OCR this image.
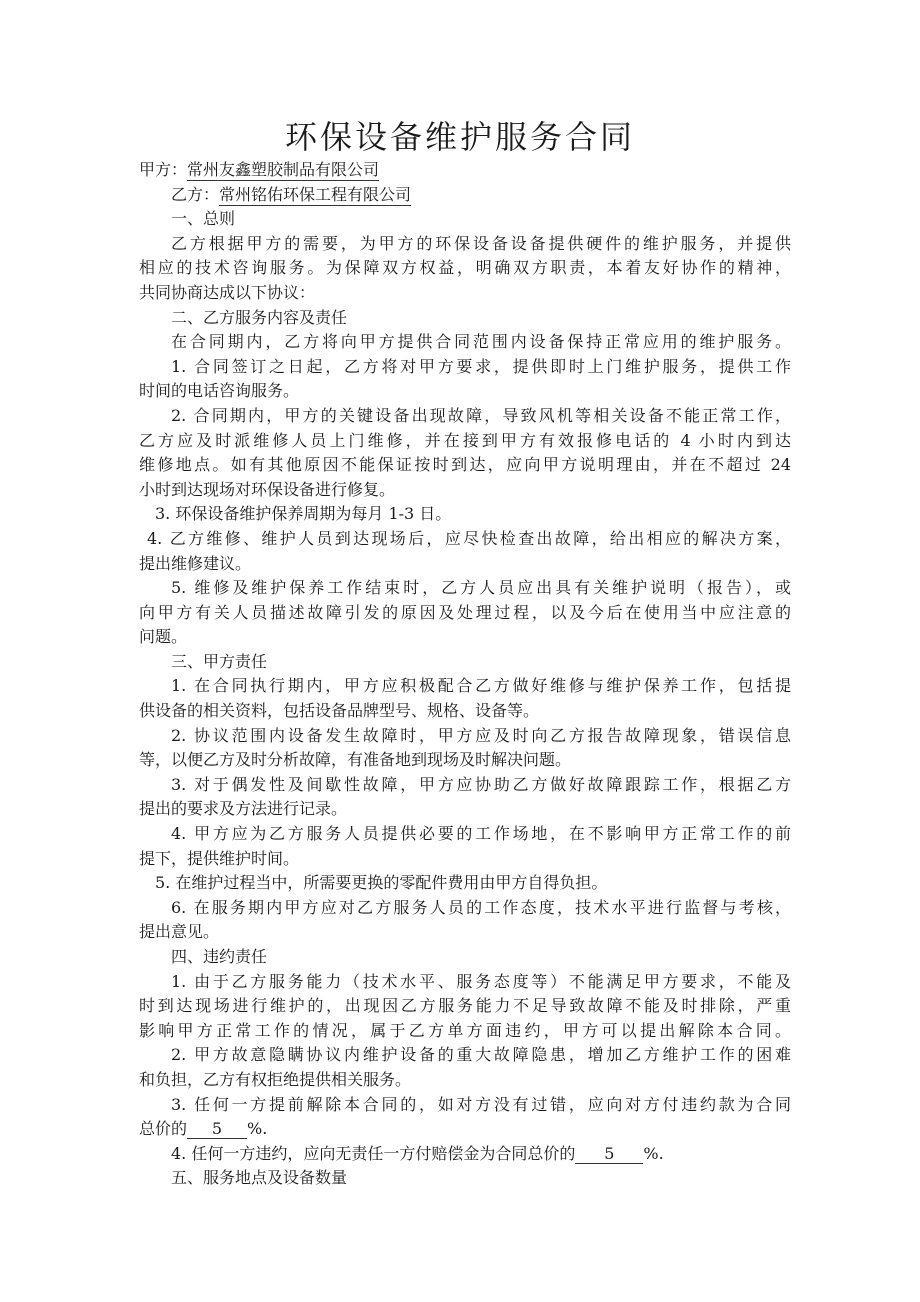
环保设备维护服务合同

甲方：常州友鑫塑胶制品有限公司

乙方：常州铭佑环保工程有限公司

一、总则

乙方根据甲方的需要，为甲方的环保设备设备提供硬件的维护服务，并提供

相应的技术咨询服务。为保障双方权益，明确双方职责，本着友好协作的精神，

共同协商达成以下协议：

二、乙方服务内容及责任

在合同期内，乙方将向甲方提供合同范围内设备保持正常应用的维护服务。

1. 合同签订之日起，乙方将对甲方要求，提供即时上门维护服务，提供工作

时间的电话咨询服务。

2. 合同期内，甲方的关键设备出现故障，导致风机等相关设备不能正常工作，

乙方应及时派维修人员上门维修，并在接到甲方有效报修电话的 4 小时内到达

维修地点。如有其他原因不能保证按时到达，应向甲方说明理由，并在不超过 24

小时到达现场对环保设备进行修复。

3. 环保设备维护保养周期为每月 1-3 日。

4. 乙方维修、维护人员到达现场后，应尽快检查出故障，给出相应的解决方案，

提出维修建议。

5. 维修及维护保养工作结束时，乙方人员应出具有关维护说明（报告），或

向甲方有关人员描述故障引发的原因及处理过程，以及今后在使用当中应注意的

问题。

三、甲方责任

1. 在合同执行期内，甲方应积极配合乙方做好维修与维护保养工作，包括提

供设备的相关资料，包括设备品牌型号、规格、设备等。

2. 协议范围内设备发生故障时，甲方应及时向乙方报告故障现象，错误信息

等，以便乙方及时分析故障，有准备地到现场及时解决问题。

3. 对于偶发性及间歇性故障，甲方应协助乙方做好故障跟踪工作，根据乙方

提出的要求及方法进行记录。

4. 甲方应为乙方服务人员提供必要的工作场地，在不影响甲方正常工作的前

提下，提供维护时间。

5. 在维护过程当中，所需要更换的零配件费用由甲方自得负担。

6. 在服务期内甲方应对乙方服务人员的工作态度，技术水平进行监督与考核，

提出意见。

四、违约责任

1. 由于乙方服务能力（技术水平、服务态度等）不能满足甲方要求，不能及

时到达现场进行维护的，出现因乙方服务能力不足导致故障不能及时排除，严重

影响甲方正常工作的情况，属于乙方单方面违约，甲方可以提出解除本合同。

2. 甲方故意隐瞒协议内维护设备的重大故障隐患，增加乙方维护工作的困难

和负担，乙方有权拒绝提供相关服务。

3. 任何一方提前解除本合同的，如对方没有过错，应向对方付违约款为合同

总价的 5 %.

4. 任何一方违约，应向无责任一方付赔偿金为合同总价的 5 %.

五、服务地点及设备数量
